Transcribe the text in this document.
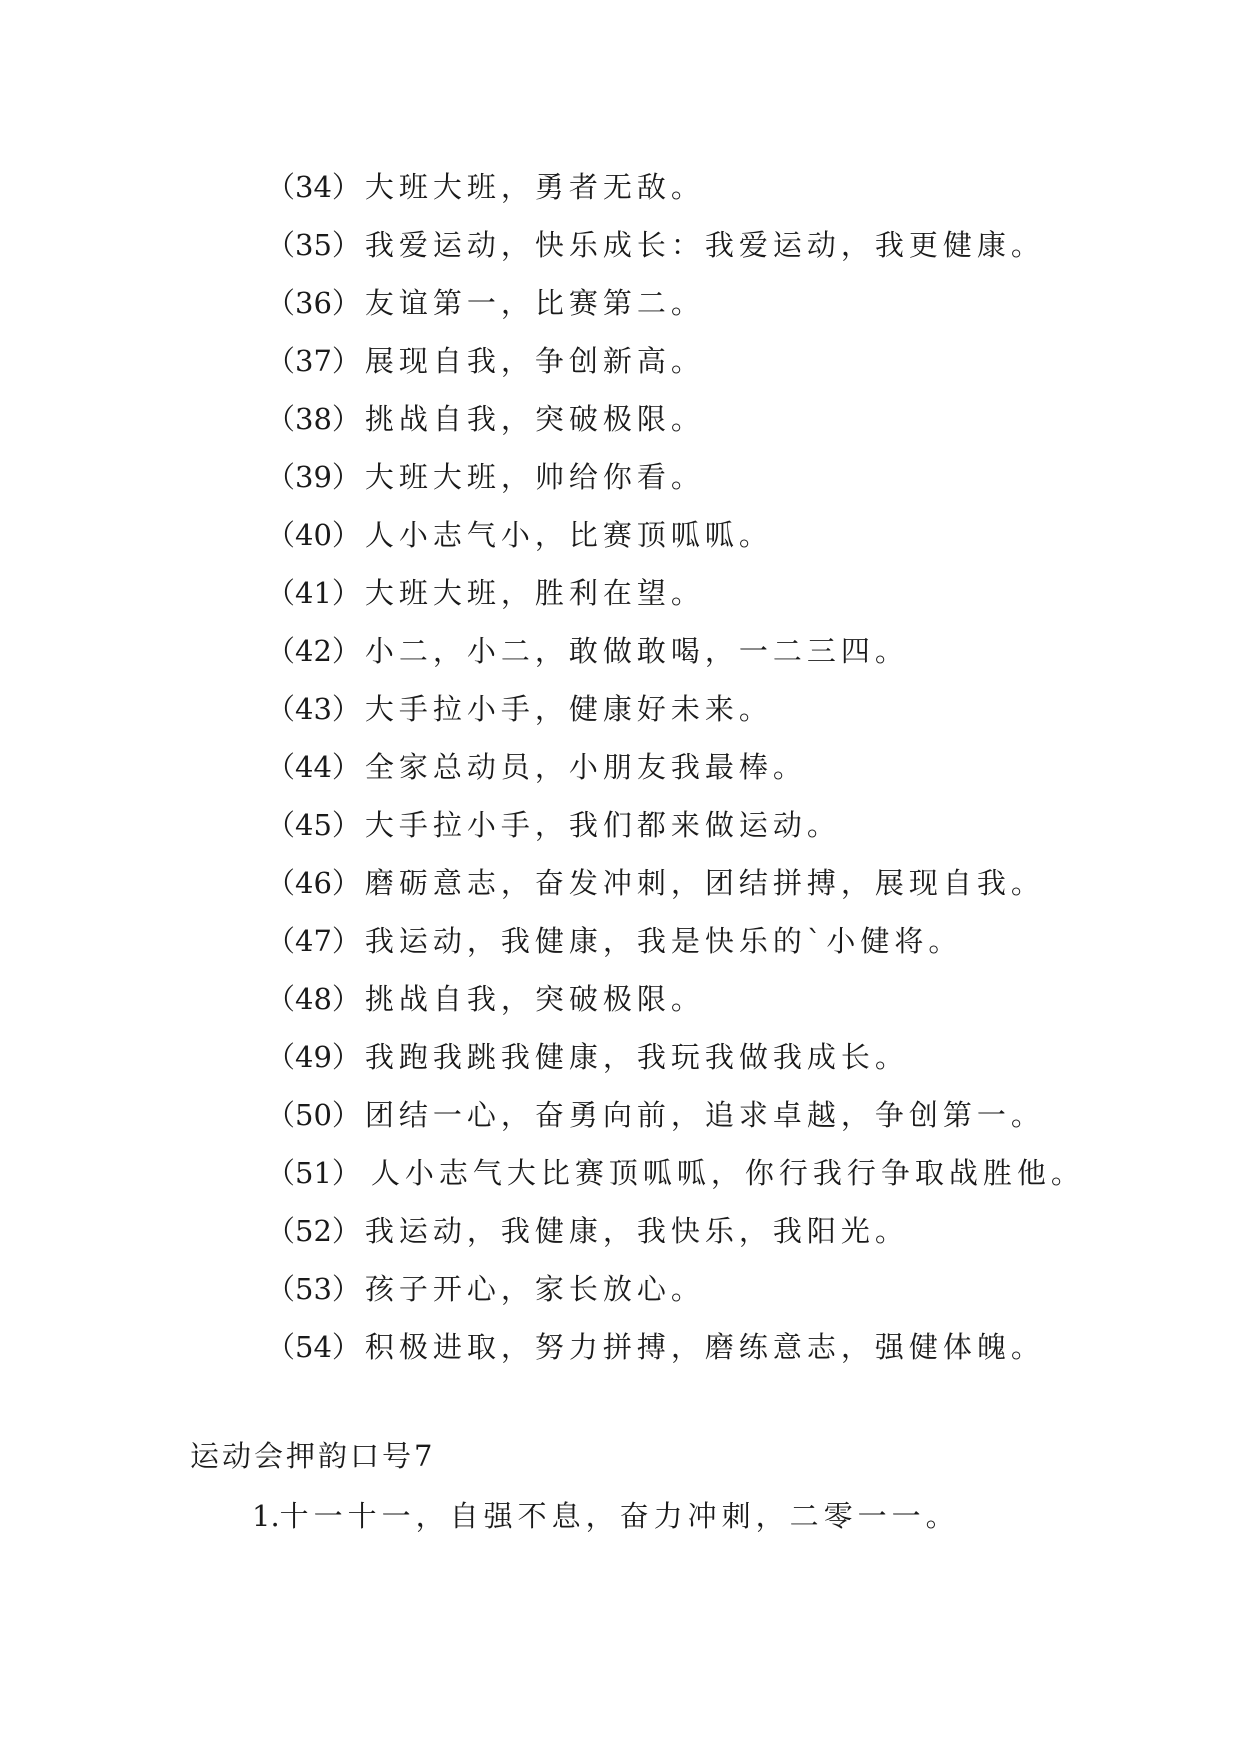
（34） 大班大班，勇者无敌。
（35） 我爱运动，快乐成长：我爱运动，我更健康。
（36） 友谊第一，比赛第二。
（37） 展现自我，争创新高。
（38） 挑战自我，突破极限。
（39） 大班大班，帅给你看。
（40） 人小志气小，比赛顶呱呱。
（41） 大班大班，胜利在望。
（42） 小二，小二，敢做敢喝，一二三四。
（43） 大手拉小手，健康好未来。
（44） 全家总动员，小朋友我最棒。
（45） 大手拉小手，我们都来做运动。
（46） 磨砺意志，奋发冲刺，团结拼搏，展现自我。
（47） 我运动，我健康，我是快乐的`小健将。
（48） 挑战自我，突破极限。
（49） 我跑我跳我健康，我玩我做我成长。
（50） 团结一心，奋勇向前，追求卓越，争创第一。
（51） 人小志气大比赛顶呱呱，你行我行争取战胜他。
（52） 我运动，我健康，我快乐，我阳光。
（53） 孩子开心，家长放心。
（54） 积极进取，努力拼搏，磨练意志，强健体魄。
运动会押韵口号7
1.十一十一，自强不息，奋力冲刺，二零一一。
